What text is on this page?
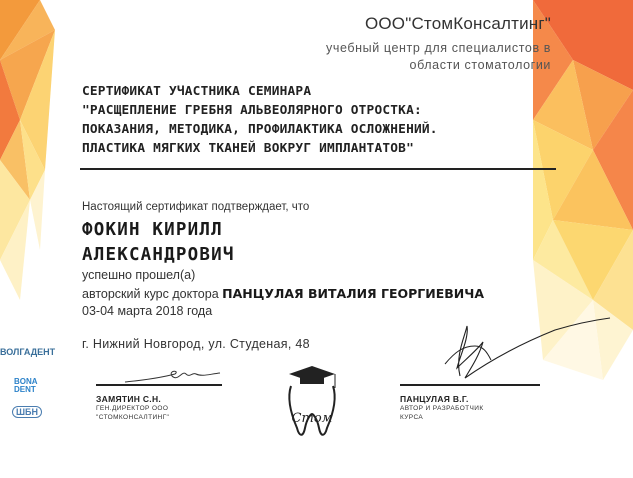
ООО"СтомКонсалтинг"
учебный центр для специалистов в области стоматологии
СЕРТИФИКАТ УЧАСТНИКА СЕМИНАРА
"РАСЩЕПЛЕНИЕ ГРЕБНЯ АЛЬВЕОЛЯРНОГО ОТРОСТКА:
ПОКАЗАНИЯ, МЕТОДИКА, ПРОФИЛАКТИКА ОСЛОЖНЕНИЙ.
ПЛАСТИКА МЯГКИХ ТКАНЕЙ ВОКРУГ ИМПЛАНТАТОВ"
Настоящий сертификат подтверждает, что
ФОКИН КИРИЛЛ
АЛЕКСАНДРОВИЧ
успешно прошел(а)
авторский курс доктора ПАНЦУЛАЯ ВИТАЛИЯ ГЕОРГИЕВИЧА
03-04 марта 2018 года
г. Нижний Новгород, ул. Студеная, 48
ЗАМЯТИН С.Н.
ГЕН.ДИРЕКТОР ООО
"СТОМКОНСАЛТИНГ"
ПАНЦУЛАЯ В.Г.
АВТОР И РАЗРАБОТЧИК
КУРСА
Стом
ВОЛГАДЕНТ
BONA DENT
ШБН
